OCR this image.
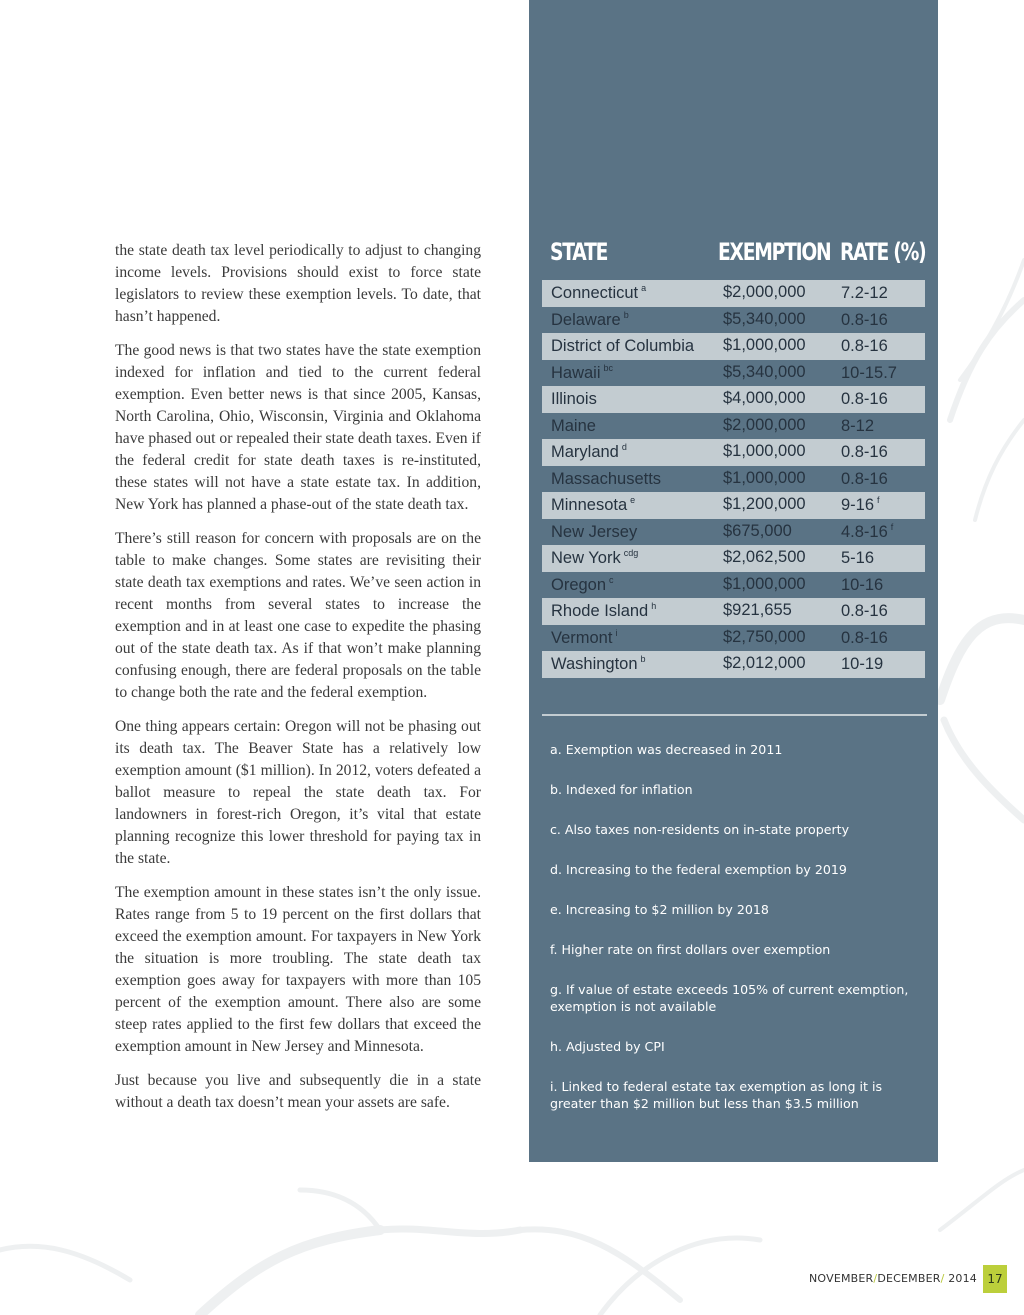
the state death tax level periodically to adjust to changing income levels. Provisions should exist to force state legislators to review these exemption levels. To date, that hasn’t happened.

The good news is that two states have the state exemption indexed for inflation and tied to the current federal exemption. Even better news is that since 2005, Kansas, North Carolina, Ohio, Wisconsin, Virginia and Oklahoma have phased out or repealed their state death taxes. Even if the federal credit for state death taxes is re-instituted, these states will not have a state estate tax. In addition, New York has planned a phase-out of the state death tax.

There’s still reason for concern with proposals are on the table to make changes. Some states are revisiting their state death tax exemptions and rates. We’ve seen action in recent months from several states to increase the exemption and in at least one case to expedite the phasing out of the state death tax. As if that won’t make planning confusing enough, there are federal proposals on the table to change both the rate and the federal exemption.

One thing appears certain: Oregon will not be phasing out its death tax. The Beaver State has a relatively low exemption amount ($1 million). In 2012, voters defeated a ballot measure to repeal the state death tax. For landowners in forest-rich Oregon, it’s vital that estate planning recognize this lower threshold for paying tax in the state.

The exemption amount in these states isn’t the only issue. Rates range from 5 to 19 percent on the first dollars that exceed the exemption amount. For taxpayers in New York the situation is more troubling. The state death tax exemption goes away for taxpayers with more than 105 percent of the exemption amount. There also are some steep rates applied to the first few dollars that exceed the exemption amount in New Jersey and Minnesota.

Just because you live and subsequently die in a state without a death tax doesn’t mean your assets are safe.

STATE	EXEMPTION RATE (%)
Connecticut $^a$	$2,000,000 7.2-12
Delaware $^b$	$5,340,000 0.8-16
District of Columbia $1,000,000 0.8-16
Hawaii $^{bc}$	$5,340,000 10-15.7
Illinois	$4,000,000 0.8-16
Maine	$2,000,000 8-12
Maryland $^d$	$1,000,000 0.8-16
Massachusetts	$1,000,000 0.8-16
Minnesota $^e$	$1,200,000 9-16 $^f$
New Jersey	$675,000	4.8-16 $^f$
New York $^{cdg}$	$2,062,500 5-16
Oregon $^c$	$1,000,000 10-16
Rhode Island $^h$	$921,655	0.8-16
Vermont $^i$	$2,750,000 0.8-16
Washington $^b$	$2,012,000 10-19
a. Exemption was decreased in 2011
b. Indexed for inflation
c. Also taxes non-residents on in-state property
d. Increasing to the federal exemption by 2019
e. Increasing to $2 million by 2018
f. Higher rate on first dollars over exemption
g. If value of estate exceeds 105% of current exemption, exemption is not available
h. Adjusted by CPI
i. Linked to federal estate tax exemption as long it is greater than $2 million but less than $3.5 million
NOVEMBER/DECEMBER/ 2014 17
